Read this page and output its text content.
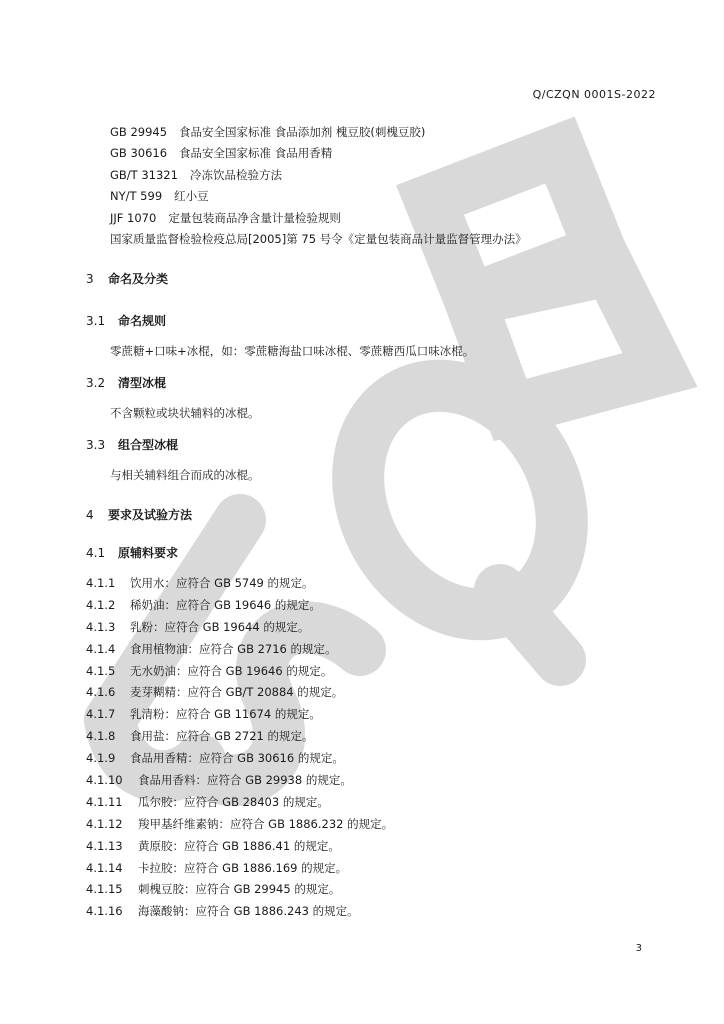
Q/CZQN 0001S-2022
GB 29945 食品安全国家标准 食品添加剂 槐豆胶(刺槐豆胶)
GB 30616 食品安全国家标准 食品用香精
GB/T 31321 冷冻饮品检验方法
NY/T 599 红小豆
JJF 1070 定量包装商品净含量计量检验规则
国家质量监督检验检疫总局[2005]第 75 号令《定量包装商品计量监督管理办法》
3 命名及分类
3.1 命名规则
零蔗糖+口味+冰棍，如：零蔗糖海盐口味冰棍、零蔗糖西瓜口味冰棍。
3.2 清型冰棍
不含颗粒或块状辅料的冰棍。
3.3 组合型冰棍
与相关辅料组合而成的冰棍。
4 要求及试验方法
4.1 原辅料要求
4.1.1 饮用水：应符合 GB 5749 的规定。
4.1.2 稀奶油：应符合 GB 19646 的规定。
4.1.3 乳粉：应符合 GB 19644 的规定。
4.1.4 食用植物油：应符合 GB 2716 的规定。
4.1.5 无水奶油：应符合 GB 19646 的规定。
4.1.6 麦芽糊精：应符合 GB/T 20884 的规定。
4.1.7 乳清粉：应符合 GB 11674 的规定。
4.1.8 食用盐：应符合 GB 2721 的规定。
4.1.9 食品用香精：应符合 GB 30616 的规定。
4.1.10 食品用香料：应符合 GB 29938 的规定。
4.1.11 瓜尔胶：应符合 GB 28403 的规定。
4.1.12 羧甲基纤维素钠：应符合 GB 1886.232 的规定。
4.1.13 黄原胶：应符合 GB 1886.41 的规定。
4.1.14 卡拉胶：应符合 GB 1886.169 的规定。
4.1.15 刺槐豆胶：应符合 GB 29945 的规定。
4.1.16 海藻酸钠：应符合 GB 1886.243 的规定。
3
